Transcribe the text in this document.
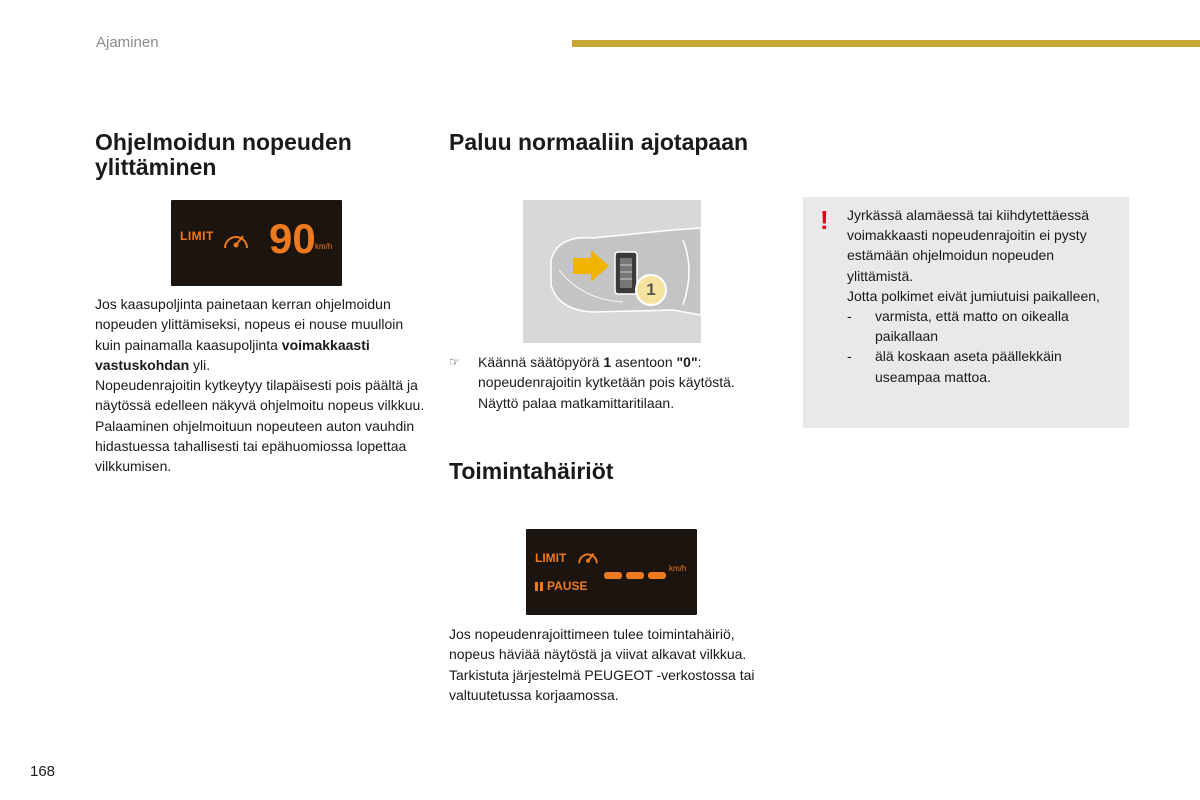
Ajaminen
Ohjelmoidun nopeuden ylittäminen
LIMIT 90 km/h

Jos kaasupoljinta painetaan kerran ohjelmoidun nopeuden ylittämiseksi, nopeus ei nouse muulloin kuin painamalla kaasupoljinta voimakkaasti vastuskohdan yli.

Nopeudenrajoitin kytkeytyy tilapäisesti pois päältä ja näytössä edelleen näkyvä ohjelmoitu nopeus vilkkuu.

Palaaminen ohjelmoituun nopeuteen auton vauhdin hidastuessa tahallisesti tai epähuomiossa lopettaa vilkkumisen.

Paluu normaaliin ajotapaan
1
☞	Käännä säätöpyörä 1 asentoon "0": nopeudenrajoitin kytketään pois käytöstä. Näyttö palaa matkamittaritilaan.

Toimintahäiriöt
LIMIT
PAUSE
km/h

Jos nopeudenrajoittimeen tulee toimintahäiriö, nopeus häviää näytöstä ja viivat alkavat vilkkua.

Tarkistuta järjestelmä PEUGEOT -verkostossa tai valtuutetussa korjaamossa.

! Jyrkässä alamäessä tai kiihdytettäessä voimakkaasti nopeudenrajoitin ei pysty estämään ohjelmoidun nopeuden ylittämistä.

Jotta polkimet eivät jumiutuisi paikalleen,

- varmista, että matto on oikealla paikallaan
- älä koskaan aseta päällekkäin useampaa mattoa.
168
